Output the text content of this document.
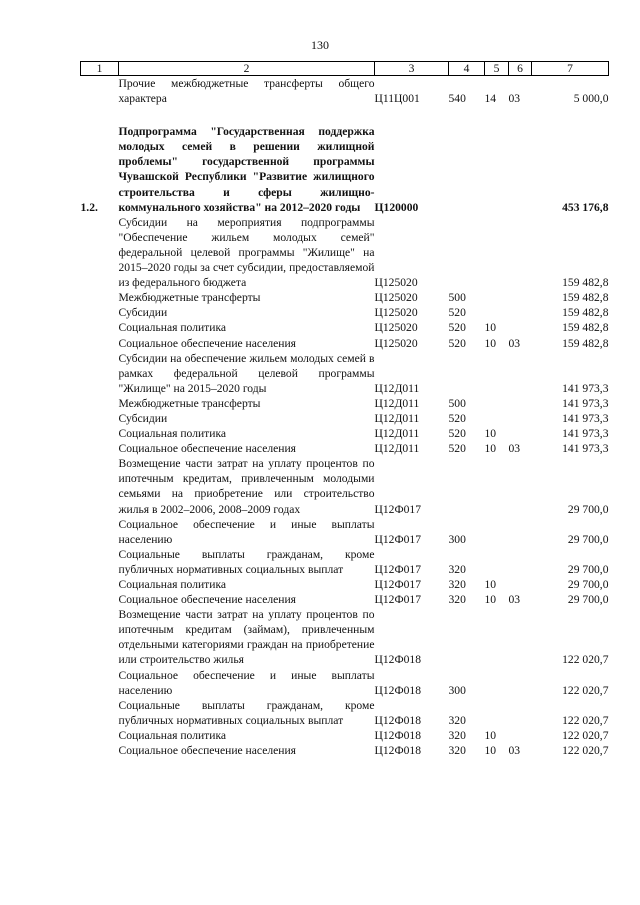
130
1	2	3	4	5	6	7
	Прочие межбюджетные трансферты общего характера	Ц11Ц001	540	14	03	5 000,0
1.2.	Подпрограмма "Государственная поддержка молодых семей в решении жилищной проблемы" государственной программы Чувашской Республики "Развитие жилищного строительства и сферы жилищно-коммунального хозяйства" на 2012–2020 годы	Ц120000				453 176,8
	Субсидии на мероприятия подпрограммы "Обеспечение жильем молодых семей" федеральной целевой программы "Жилище" на 2015–2020 годы за счет субсидии, предоставляемой из федерального бюджета	Ц125020				159 482,8
	Межбюджетные трансферты	Ц125020	500			159 482,8
	Субсидии	Ц125020	520			159 482,8
	Социальная политика	Ц125020	520	10		159 482,8
	Социальное обеспечение населения	Ц125020	520	10	03	159 482,8
	Субсидии на обеспечение жильем молодых семей в рамках федеральной целевой программы "Жилище" на 2015–2020 годы	Ц12Д011				141 973,3
	Межбюджетные трансферты	Ц12Д011	500			141 973,3
	Субсидии	Ц12Д011	520			141 973,3
	Социальная политика	Ц12Д011	520	10		141 973,3
	Социальное обеспечение населения	Ц12Д011	520	10	03	141 973,3
	Возмещение части затрат на уплату процентов по ипотечным кредитам, привлеченным молодыми семьями на приобретение или строительство жилья в 2002–2006, 2008–2009 годах	Ц12Ф017				29 700,0
	Социальное обеспечение и иные выплаты населению	Ц12Ф017	300			29 700,0
	Социальные выплаты гражданам, кроме публичных нормативных социальных выплат	Ц12Ф017	320			29 700,0
	Социальная политика	Ц12Ф017	320	10		29 700,0
	Социальное обеспечение населения	Ц12Ф017	320	10	03	29 700,0
	Возмещение части затрат на уплату процентов по ипотечным кредитам (займам), привлеченным отдельными категориями граждан на приобретение или строительство жилья	Ц12Ф018				122 020,7
	Социальное обеспечение и иные выплаты населению	Ц12Ф018	300			122 020,7
	Социальные выплаты гражданам, кроме публичных нормативных социальных выплат	Ц12Ф018	320			122 020,7
	Социальная политика	Ц12Ф018	320	10		122 020,7
	Социальное обеспечение населения	Ц12Ф018	320	10	03	122 020,7
